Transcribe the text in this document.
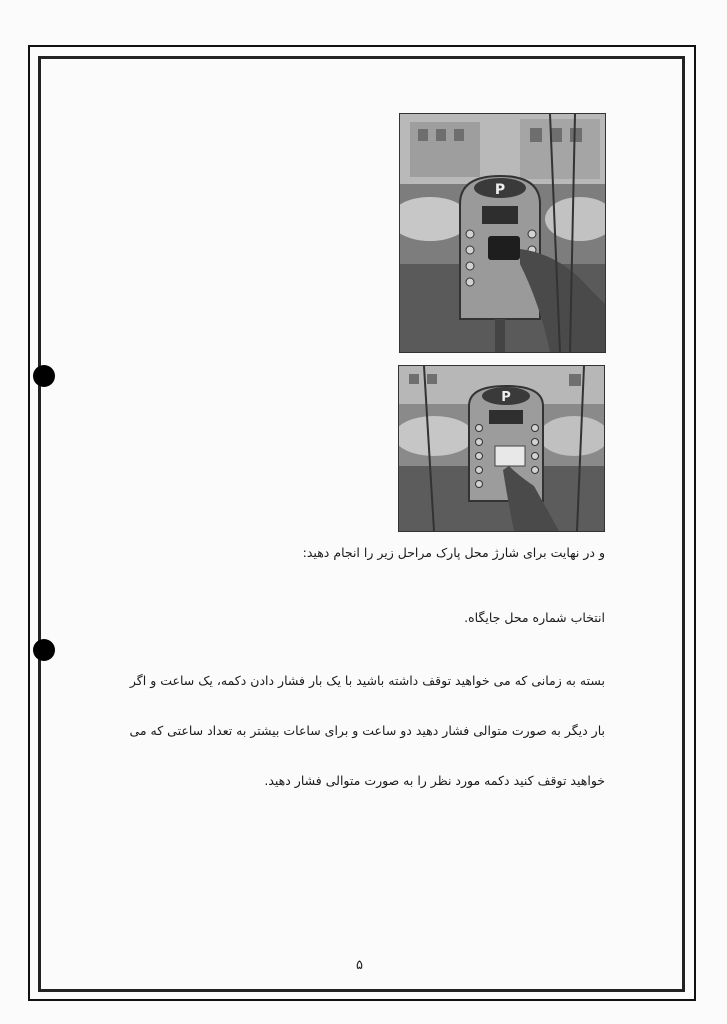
P
P
و در نهایت برای شارژ محل پارک مراحل زیر را انجام دهید:
انتخاب شماره محل جایگاه.
بسته به زمانی که می خواهید توقف داشته باشید با یک بار فشار دادن دکمه، یک ساعت و اگر
بار دیگر به صورت متوالی فشار دهید دو ساعت و برای ساعات بیشتر به تعداد ساعتی که می
خواهید توقف کنید دکمه مورد نظر را به صورت متوالی فشار دهید.
۵
